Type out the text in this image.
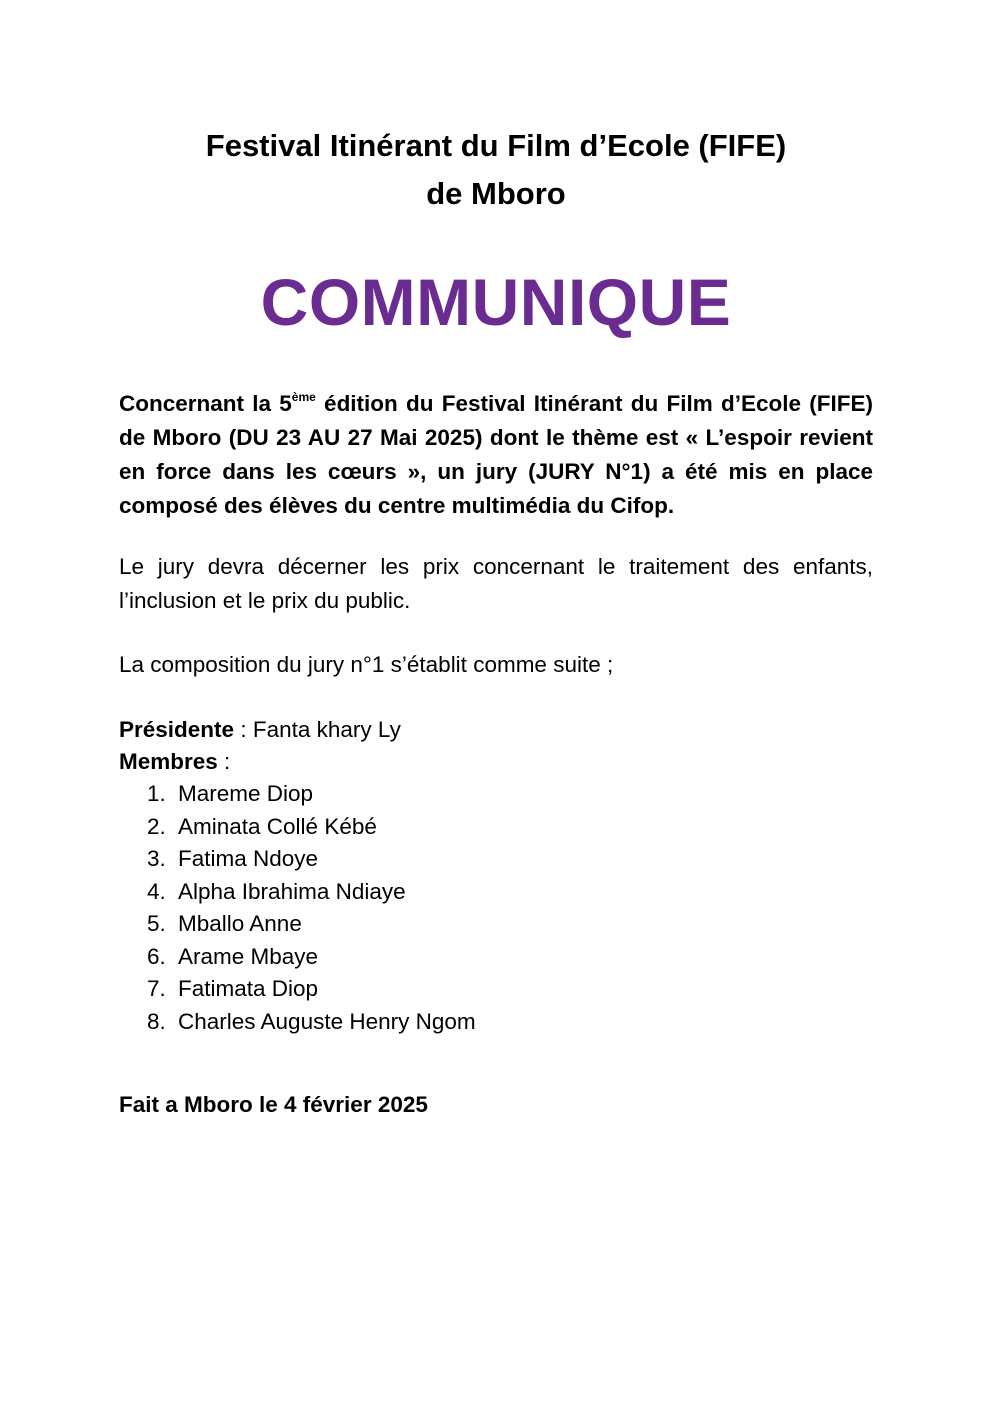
Festival Itinérant du Film d’Ecole (FIFE)
de Mboro
COMMUNIQUE
Concernant la 5ème édition du Festival Itinérant du Film d’Ecole (FIFE) de Mboro (DU 23 AU 27 Mai 2025) dont le thème est « L’espoir revient en force dans les cœurs », un jury (JURY N°1) a été mis en place composé des élèves du centre multimédia du Cifop.
Le jury devra décerner les prix concernant le traitement des enfants, l’inclusion et le prix du public.
La composition du jury n°1 s’établit comme suite ;
Présidente : Fanta khary Ly
Membres :
1. Mareme Diop
2. Aminata Collé Kébé
3. Fatima Ndoye
4. Alpha Ibrahima Ndiaye
5. Mballo Anne
6. Arame Mbaye
7. Fatimata Diop
8. Charles Auguste Henry Ngom
Fait a Mboro le 4 février 2025
